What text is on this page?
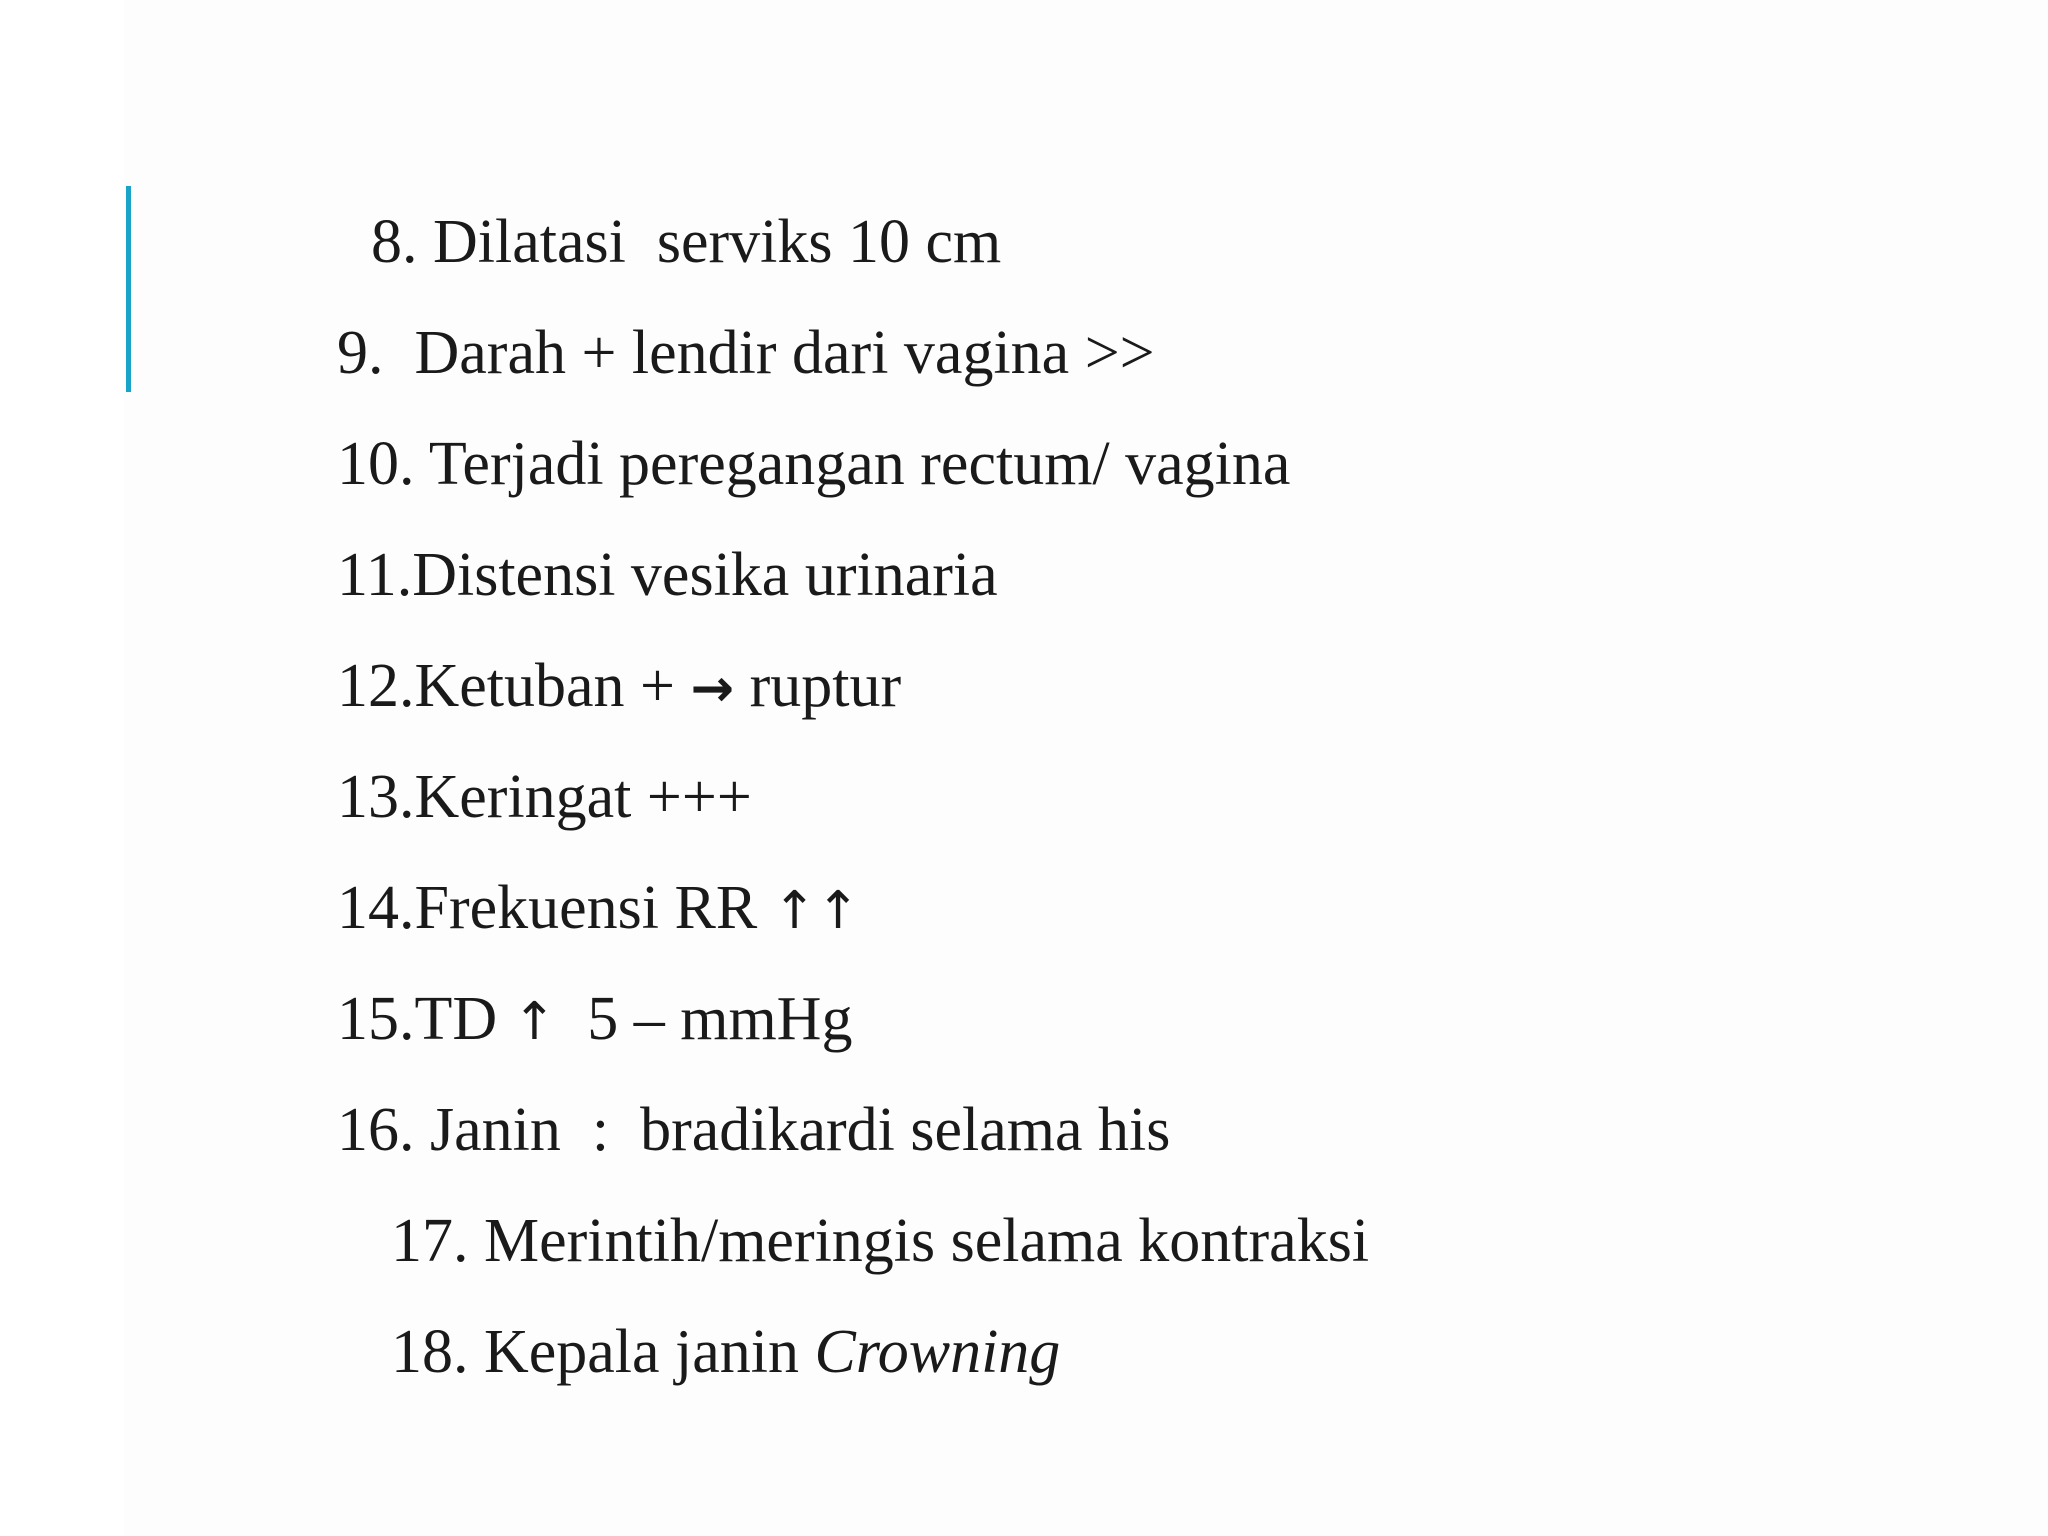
8. Dilatasi  serviks 10 cm

9.  Darah + lendir dari vagina >>

10. Terjadi peregangan rectum/ vagina

11.Distensi vesika urinaria

12.Ketuban + → ruptur

13.Keringat +++

14.Frekuensi RR ↑↑

15.TD ↑  5 – mmHg

16. Janin  :  bradikardi selama his

17. Merintih/meringis selama kontraksi

18. Kepala janin Crowning
